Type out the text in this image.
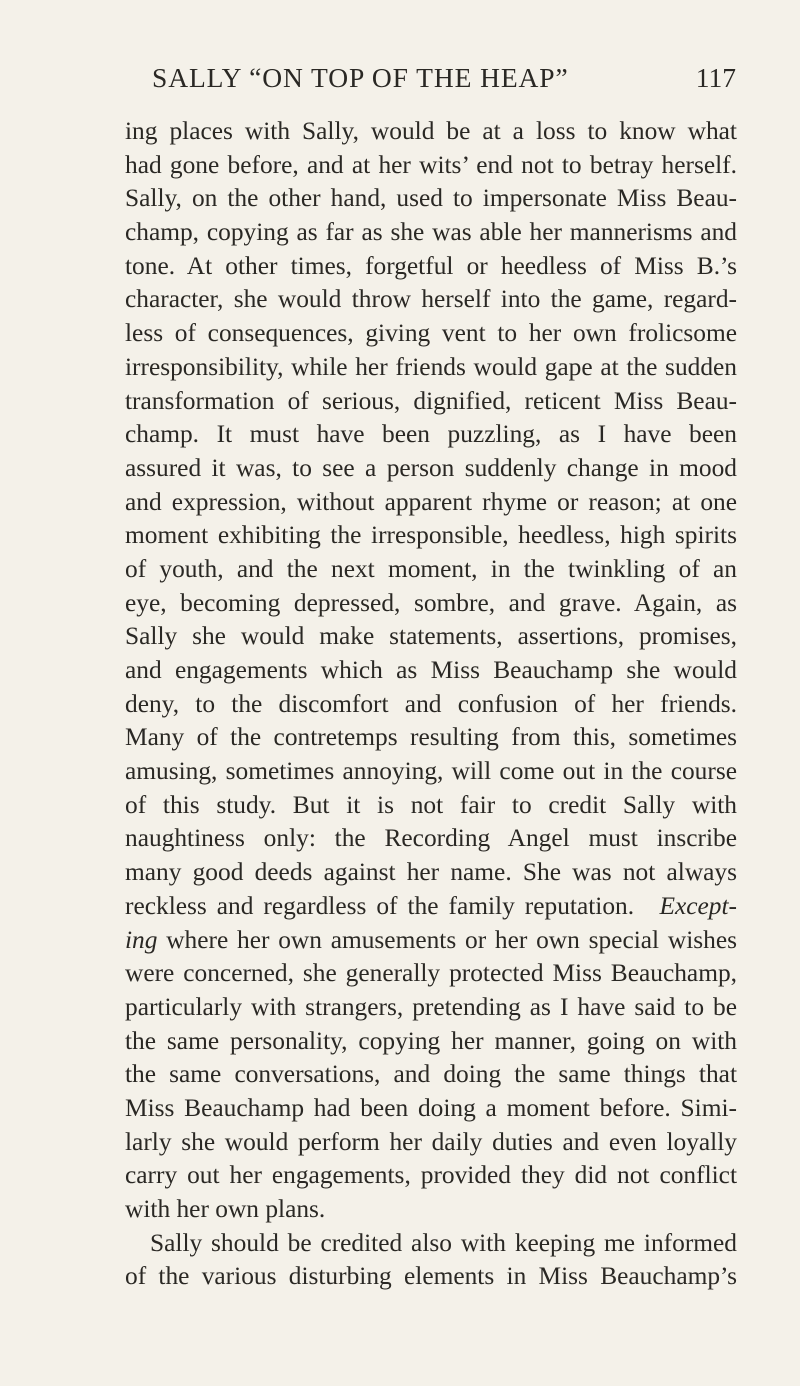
SALLY “ON TOP OF THE HEAP”	117
ing places with Sally, would be at a loss to know what
had gone before, and at her wits’ end not to betray herself.
Sally, on the other hand, used to impersonate Miss Beau-
champ, copying as far as she was able her mannerisms and
tone. At other times, forgetful or heedless of Miss B.’s
character, she would throw herself into the game, regard-
less of consequences, giving vent to her own frolicsome
irresponsibility, while her friends would gape at the sudden
transformation of serious, dignified, reticent Miss Beau-
champ. It must have been puzzling, as I have been
assured it was, to see a person suddenly change in mood
and expression, without apparent rhyme or reason; at one
moment exhibiting the irresponsible, heedless, high spirits
of youth, and the next moment, in the twinkling of an
eye, becoming depressed, sombre, and grave. Again, as
Sally she would make statements, assertions, promises,
and engagements which as Miss Beauchamp she would
deny, to the discomfort and confusion of her friends.
Many of the contretemps resulting from this, sometimes
amusing, sometimes annoying, will come out in the course
of this study. But it is not fair to credit Sally with
naughtiness only: the Recording Angel must inscribe
many good deeds against her name. She was not always
reckless and regardless of the family reputation.  Except-
ing where her own amusements or her own special wishes
were concerned, she generally protected Miss Beauchamp,
particularly with strangers, pretending as I have said to be
the same personality, copying her manner, going on with
the same conversations, and doing the same things that
Miss Beauchamp had been doing a moment before. Simi-
larly she would perform her daily duties and even loyally
carry out her engagements, provided they did not conflict
with her own plans.
Sally should be credited also with keeping me informed
of the various disturbing elements in Miss Beauchamp’s
